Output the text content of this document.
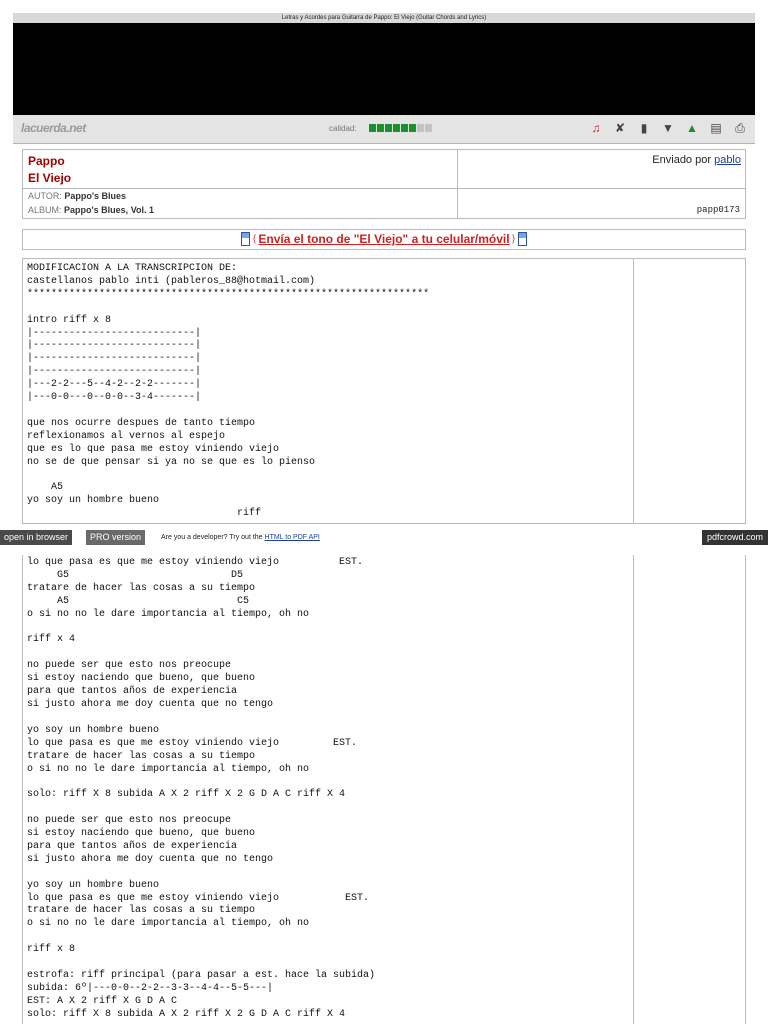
Letras y Acordes para Guitarra de Pappo: El Viejo (Guitar Chords and Lyrics)
lacuerda.net	calidad:	♫ ✘	▮	▼ ▲ ▤ ⎙
Pappo
El Viejo
Enviado por pablo
AUTOR: Pappo's Blues
ALBUM: Pappo's Blues, Vol. 1	papp0173
⟨ Envía el tono de "El Viejo" a tu celular/móvil ⟩
MODIFICACION A LA TRANSCRIPCION DE:
castellanos pablo inti (pableros_88@hotmail.com)
*******************************************************************

intro riff x 8
|---------------------------|
|---------------------------|
|---------------------------|
|---------------------------|
|---2-2---5--4-2--2-2-------|
|---0-0---0--0-0--3-4-------|

que nos ocurre despues de tanto tiempo
reflexionamos al vernos al espejo
que es lo que pasa me estoy viniendo viejo
no se de que pensar si ya no se que es lo pienso

A5
yo soy un hombre bueno
riff
open in browser	PRO version	Are you a developer? Try out the HTML to PDF API	pdfcrowd.com
lo que pasa es que me estoy viniendo viejo          EST.
G5                           D5
tratare de hacer las cosas a su tiempo
A5                            C5
o si no no le dare importancia al tiempo, oh no

riff x 4

no puede ser que esto nos preocupe
si estoy naciendo que bueno, que bueno
para que tantos años de experiencia
si justo ahora me doy cuenta que no tengo

yo soy un hombre bueno
lo que pasa es que me estoy viniendo viejo         EST.
tratare de hacer las cosas a su tiempo
o si no no le dare importancia al tiempo, oh no

solo: riff X 8 subida A X 2 riff X 2 G D A C riff X 4

no puede ser que esto nos preocupe
si estoy naciendo que bueno, que bueno
para que tantos años de experiencia
si justo ahora me doy cuenta que no tengo

yo soy un hombre bueno
lo que pasa es que me estoy viniendo viejo           EST.
tratare de hacer las cosas a su tiempo
o si no no le dare importancia al tiempo, oh no

riff x 8

estrofa: riff principal (para pasar a est. hace la subida)
subida: 6º|---0-0--2-2--3-3--4-4--5-5---|
EST: A X 2 riff X G D A C
solo: riff X 8 subida A X 2 riff X 2 G D A C riff X 4
